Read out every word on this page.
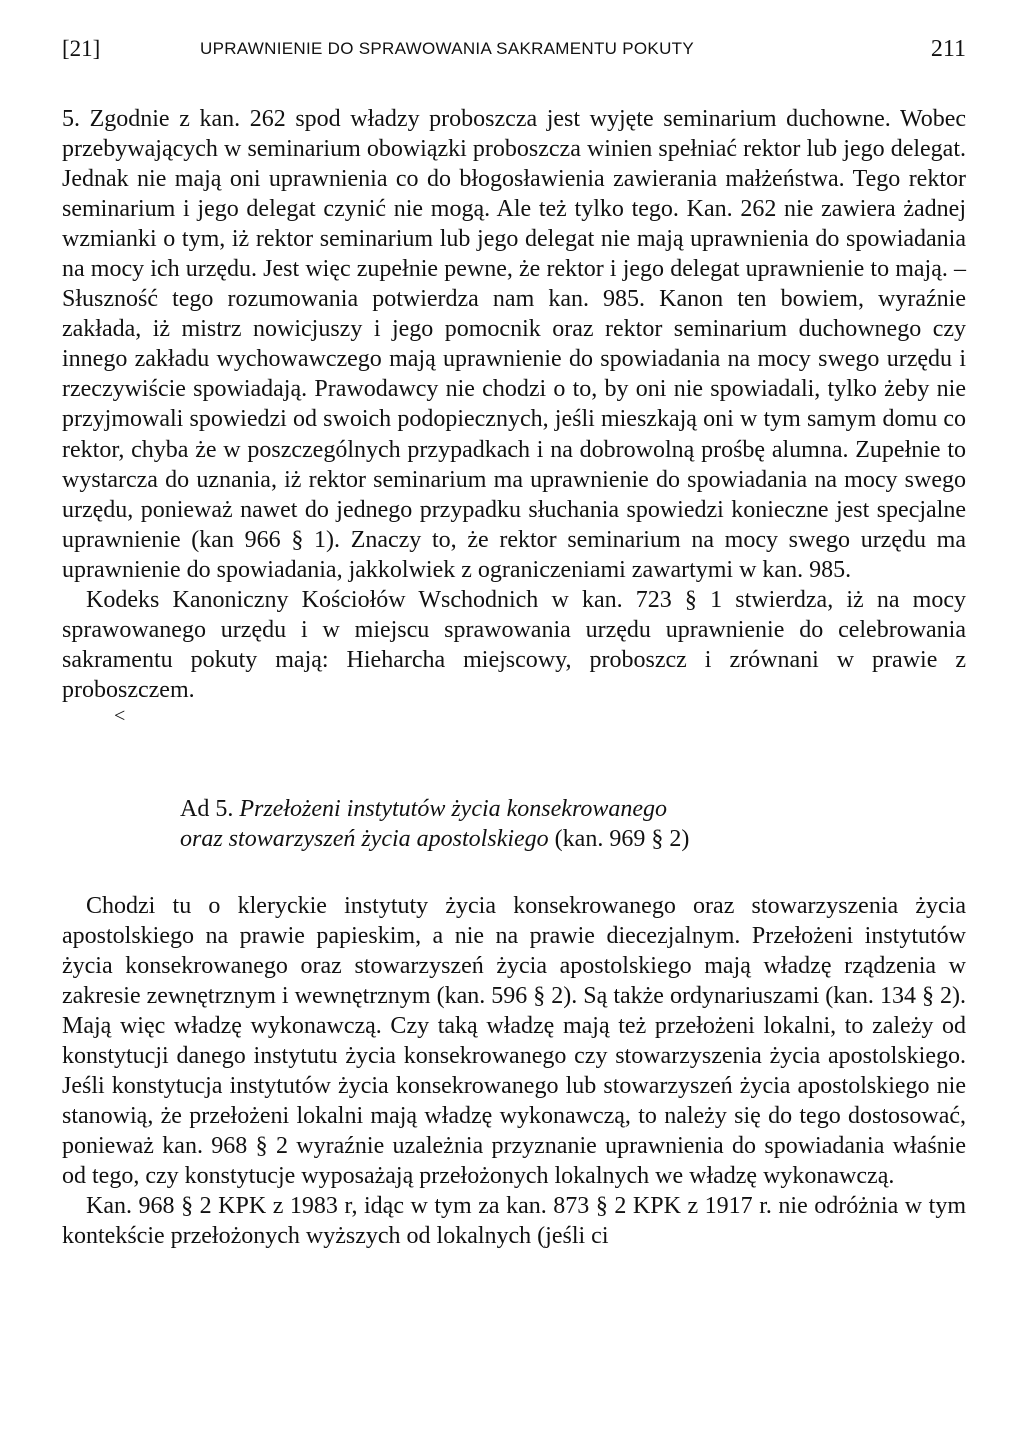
[21]	UPRAWNIENIE DO SPRAWOWANIA SAKRAMENTU POKUTY	211

5. Zgodnie z kan. 262 spod władzy proboszcza jest wyjęte seminarium duchowne. Wobec przebywających w seminarium obowiązki proboszcza winien spełniać rektor lub jego delegat. Jednak nie mają oni uprawnienia co do błogosławienia zawierania małżeństwa. Tego rektor seminarium i jego delegat czynić nie mogą. Ale też tylko tego. Kan. 262 nie zawiera żadnej wzmianki o tym, iż rektor seminarium lub jego delegat nie mają uprawnienia do spowiadania na mocy ich urzędu. Jest więc zupełnie pewne, że rektor i jego delegat uprawnienie to mają. – Słuszność tego rozumowania potwierdza nam kan. 985. Kanon ten bowiem, wyraźnie zakłada, iż mistrz nowicjuszy i jego pomocnik oraz rektor seminarium duchownego czy innego zakładu wychowawczego mają uprawnienie do spowiadania na mocy swego urzędu i rzeczywiście spowiadają. Prawodawcy nie chodzi o to, by oni nie spowiadali, tylko żeby nie przyjmowali spowiedzi od swoich podopiecznych, jeśli mieszkają oni w tym samym domu co rektor, chyba że w poszczególnych przypadkach i na dobrowolną prośbę alumna. Zupełnie to wystarcza do uznania, iż rektor seminarium ma uprawnienie do spowiadania na mocy swego urzędu, ponieważ nawet do jednego przypadku słuchania spowiedzi konieczne jest specjalne uprawnienie (kan 966 § 1). Znaczy to, że rektor seminarium na mocy swego urzędu ma uprawnienie do spowiadania, jakkolwiek z ograniczeniami zawartymi w kan. 985.

Kodeks Kanoniczny Kościołów Wschodnich w kan. 723 § 1 stwierdza, iż na mocy sprawowanego urzędu i w miejscu sprawowania urzędu uprawnienie do celebrowania sakramentu pokuty mają: Hieharcha miejscowy, proboszcz i zrównani w prawie z proboszczem.

<
Ad 5. Przełożeni instytutów życia konsekrowanego
oraz stowarzyszeń życia apostolskiego (kan. 969 § 2)

Chodzi tu o kleryckie instytuty życia konsekrowanego oraz stowarzyszenia życia apostolskiego na prawie papieskim, a nie na prawie diecezjalnym. Przełożeni instytutów życia konsekrowanego oraz stowarzyszeń życia apostolskiego mają władzę rządzenia w zakresie zewnętrznym i wewnętrznym (kan. 596 § 2). Są także ordynariuszami (kan. 134 § 2). Mają więc władzę wykonawczą. Czy taką władzę mają też przełożeni lokalni, to zależy od konstytucji danego instytutu życia konsekrowanego czy stowarzyszenia życia apostolskiego. Jeśli konstytucja instytutów życia konsekrowanego lub stowarzyszeń życia apostolskiego nie stanowią, że przełożeni lokalni mają władzę wykonawczą, to należy się do tego dostosować, ponieważ kan. 968 § 2 wyraźnie uzależnia przyznanie uprawnienia do spowiadania właśnie od tego, czy konstytucje wyposażają przełożonych lokalnych we władzę wykonawczą.

Kan. 968 § 2 KPK z 1983 r, idąc w tym za kan. 873 § 2 KPK z 1917 r. nie odróżnia w tym kontekście przełożonych wyższych od lokalnych (jeśli ci
